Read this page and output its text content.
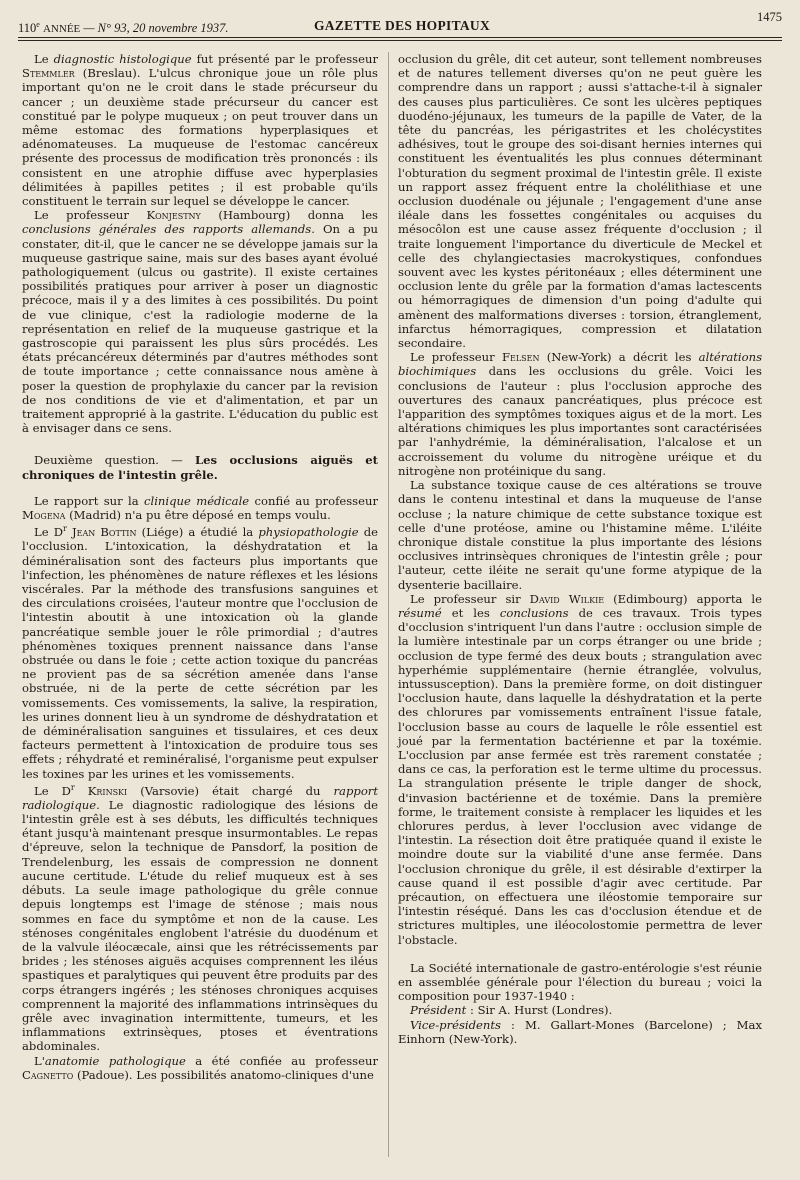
110e ANNÉE — N° 93, 20 novembre 1937.	GAZETTE DES HOPITAUX
1475

Le diagnostic histologique fut présenté par le professeur Stemmler (Breslau). L'ulcus chronique joue un rôle plus important qu'on ne le croit dans le stade précurseur du cancer ; un deuxième stade précurseur du cancer est constitué par le polype muqueux ; on peut trouver dans un même estomac des formations hyperplasiques et adénomateuses. La muqueuse de l'estomac cancéreux présente des processus de modification très prononcés : ils consistent en une atrophie diffuse avec hyperplasies délimitées à papilles petites ; il est probable qu'ils constituent le terrain sur lequel se développe le cancer.

Le professeur Konjestny (Hambourg) donna les conclusions générales des rapports allemands. On a pu constater, dit-il, que le cancer ne se développe jamais sur la muqueuse gastrique saine, mais sur des bases ayant évolué pathologiquement (ulcus ou gastrite). Il existe certaines possibilités pratiques pour arriver à poser un diagnostic précoce, mais il y a des limites à ces possibilités. Du point de vue clinique, c'est la radiologie moderne de la représentation en relief de la muqueuse gastrique et la gastroscopie qui paraissent les plus sûrs procédés. Les états précancéreux déterminés par d'autres méthodes sont de toute importance ; cette connaissance nous amène à poser la question de prophylaxie du cancer par la revision de nos conditions de vie et d'alimentation, et par un traitement approprié à la gastrite. L'éducation du public est à envisager dans ce sens.

Deuxième question. — Les occlusions aiguës et chroniques de l'intestin grêle.

Le rapport sur la clinique médicale confié au professeur Mogena (Madrid) n'a pu être déposé en temps voulu.

Le $D^r$ Jean Bottin (Liége) a étudié la physiopathologie de l'occlusion. L'intoxication, la déshydratation et la déminéralisation sont des facteurs plus importants que l'infection, les phénomènes de nature réflexes et les lésions viscérales. Par la méthode des transfusions sanguines et des circulations croisées, l'auteur montre que l'occlusion de l'intestin aboutit à une intoxication où la glande pancréatique semble jouer le rôle primordial ; d'autres phénomènes toxiques prennent naissance dans l'anse obstruée ou dans le foie ; cette action toxique du pancréas ne provient pas de sa sécrétion amenée dans l'anse obstruée, ni de la perte de cette sécrétion par les vomissements. Ces vomissements, la salive, la respiration, les urines donnent lieu à un syndrome de déshydratation et de déminéralisation sanguines et tissulaires, et ces deux facteurs permettent à l'intoxication de produire tous ses effets ; réhydraté et reminéralisé, l'organisme peut expulser les toxines par les urines et les vomissements.

Le $D^r$ Krinski (Varsovie) était chargé du rapport radiologique. Le diagnostic radiologique des lésions de l'intestin grêle est à ses débuts, les difficultés techniques étant jusqu'à maintenant presque insurmontables. Le repas d'épreuve, selon la technique de Pansdorf, la position de Trendelenburg, les essais de compression ne donnent aucune certitude. L'étude du relief muqueux est à ses débuts. La seule image pathologique du grêle connue depuis longtemps est l'image de sténose ; mais nous sommes en face du symptôme et non de la cause. Les sténoses congénitales englobent l'atrésie du duodénum et de la valvule iléocæcale, ainsi que les rétrécissements par brides ; les sténoses aiguës acquises comprennent les iléus spastiques et paralytiques qui peuvent être produits par des corps étrangers ingérés ; les sténoses chroniques acquises comprennent la majorité des inflammations intrinsèques du grêle avec invagination intermittente, tumeurs, et les inflammations extrinsèques, ptoses et éventrations abdominales.

L'anatomie pathologique a été confiée au professeur Cagnetto (Padoue). Les possibilités anatomo-cliniques d'une

occlusion du grêle, dit cet auteur, sont tellement nombreuses et de natures tellement diverses qu'on ne peut guère les comprendre dans un rapport ; aussi s'attache-t-il à signaler des causes plus particulières. Ce sont les ulcères peptiques duodéno-jéjunaux, les tumeurs de la papille de Vater, de la tête du pancréas, les périgastrites et les cholécystites adhésives, tout le groupe des soi-disant hernies internes qui constituent les éventualités les plus connues déterminant l'obturation du segment proximal de l'intestin grêle. Il existe un rapport assez fréquent entre la cholélithiase et une occlusion duodénale ou jéjunale ; l'engagement d'une anse iléale dans les fossettes congénitales ou acquises du mésocôlon est une cause assez fréquente d'occlusion ; il traite longuement l'importance du diverticule de Meckel et celle des chylangiectasies macrokystiques, confondues souvent avec les kystes péritonéaux ; elles déterminent une occlusion lente du grêle par la formation d'amas lactescents ou hémorragiques de dimension d'un poing d'adulte qui amènent des malformations diverses : torsion, étranglement, infarctus hémorragiques, compression et dilatation secondaire.

Le professeur Felsen (New-York) a décrit les altérations biochimiques dans les occlusions du grêle. Voici les conclusions de l'auteur : plus l'occlusion approche des ouvertures des canaux pancréatiques, plus précoce est l'apparition des symptômes toxiques aigus et de la mort. Les altérations chimiques les plus importantes sont caractérisées par l'anhydrémie, la déminéralisation, l'alcalose et un accroissement du volume du nitrogène uréique et du nitrogène non protéinique du sang.

La substance toxique cause de ces altérations se trouve dans le contenu intestinal et dans la muqueuse de l'anse occluse ; la nature chimique de cette substance toxique est celle d'une protéose, amine ou l'histamine même. L'iléite chronique distale constitue la plus importante des lésions occlusives intrinsèques chroniques de l'intestin grêle ; pour l'auteur, cette iléite ne serait qu'une forme atypique de la dysenterie bacillaire.

Le professeur sir David Wilkie (Edimbourg) apporta le résumé et les conclusions de ces travaux. Trois types d'occlusion s'intriquent l'un dans l'autre : occlusion simple de la lumière intestinale par un corps étranger ou une bride ; occlusion de type fermé des deux bouts ; strangulation avec hyperhémie supplémentaire (hernie étranglée, volvulus, intussusception). Dans la première forme, on doit distinguer l'occlusion haute, dans laquelle la déshydratation et la perte des chlorures par vomissements entraînent l'issue fatale, l'occlusion basse au cours de laquelle le rôle essentiel est joué par la fermentation bactérienne et par la toxémie. L'occlusion par anse fermée est très rarement constatée ; dans ce cas, la perforation est le terme ultime du processus. La strangulation présente le triple danger de shock, d'invasion bactérienne et de toxémie. Dans la première forme, le traitement consiste à remplacer les liquides et les chlorures perdus, à lever l'occlusion avec vidange de l'intestin. La résection doit être pratiquée quand il existe le moindre doute sur la viabilité d'une anse fermée. Dans l'occlusion chronique du grêle, il est désirable d'extirper la cause quand il est possible d'agir avec certitude. Par précaution, on effectuera une iléostomie temporaire sur l'intestin réséqué. Dans les cas d'occlusion étendue et de strictures multiples, une iléocolostomie permettra de lever l'obstacle.

La Société internationale de gastro-entérologie s'est réunie en assemblée générale pour l'élection du bureau ; voici la composition pour 1937-1940 :

Président : Sir A. Hurst (Londres).

Vice-présidents : M. Gallart-Mones (Barcelone) ; Max Einhorn (New-York).
